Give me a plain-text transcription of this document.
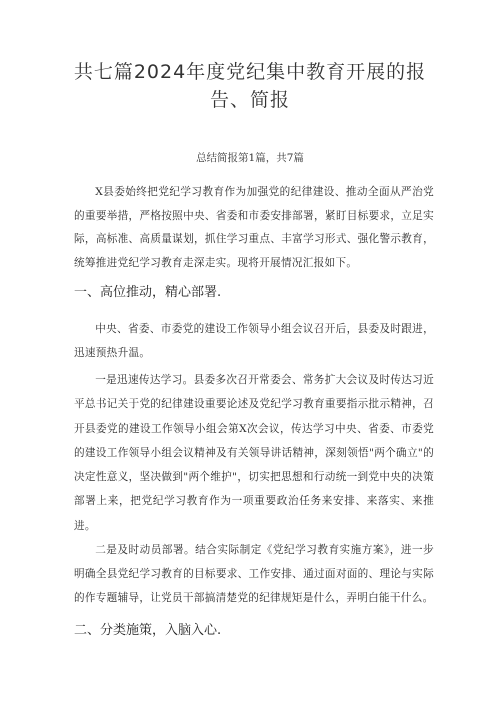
共七篇2024年度党纪集中教育开展的报告、简报
总结简报第1篇，共7篇

X县委始终把党纪学习教育作为加强党的纪律建设、推动全面从严治党的重要举措，严格按照中央、省委和市委安排部署，紧盯目标要求，立足实际，高标准、高质量谋划，抓住学习重点、丰富学习形式、强化警示教育，统筹推进党纪学习教育走深走实。现将开展情况汇报如下。

一、高位推动，精心部署.

中央、省委、市委党的建设工作领导小组会议召开后，县委及时跟进，迅速预热升温。

一是迅速传达学习。县委多次召开常委会、常务扩大会议及时传达习近平总书记关于党的纪律建设重要论述及党纪学习教育重要指示批示精神，召开县委党的建设工作领导小组会第X次会议，传达学习中央、省委、市委党的建设工作领导小组会议精神及有关领导讲话精神，深刻领悟"两个确立"的决定性意义，坚决做到"两个维护"，切实把思想和行动统一到党中央的决策部署上来，把党纪学习教育作为一项重要政治任务来安排、来落实、来推进。

二是及时动员部署。结合实际制定《党纪学习教育实施方案》，进一步明确全县党纪学习教育的目标要求、工作安排、通过面对面的、理论与实际的作专题辅导，让党员干部搞清楚党的纪律规矩是什么，弄明白能干什么。

二、分类施策，入脑入心.
